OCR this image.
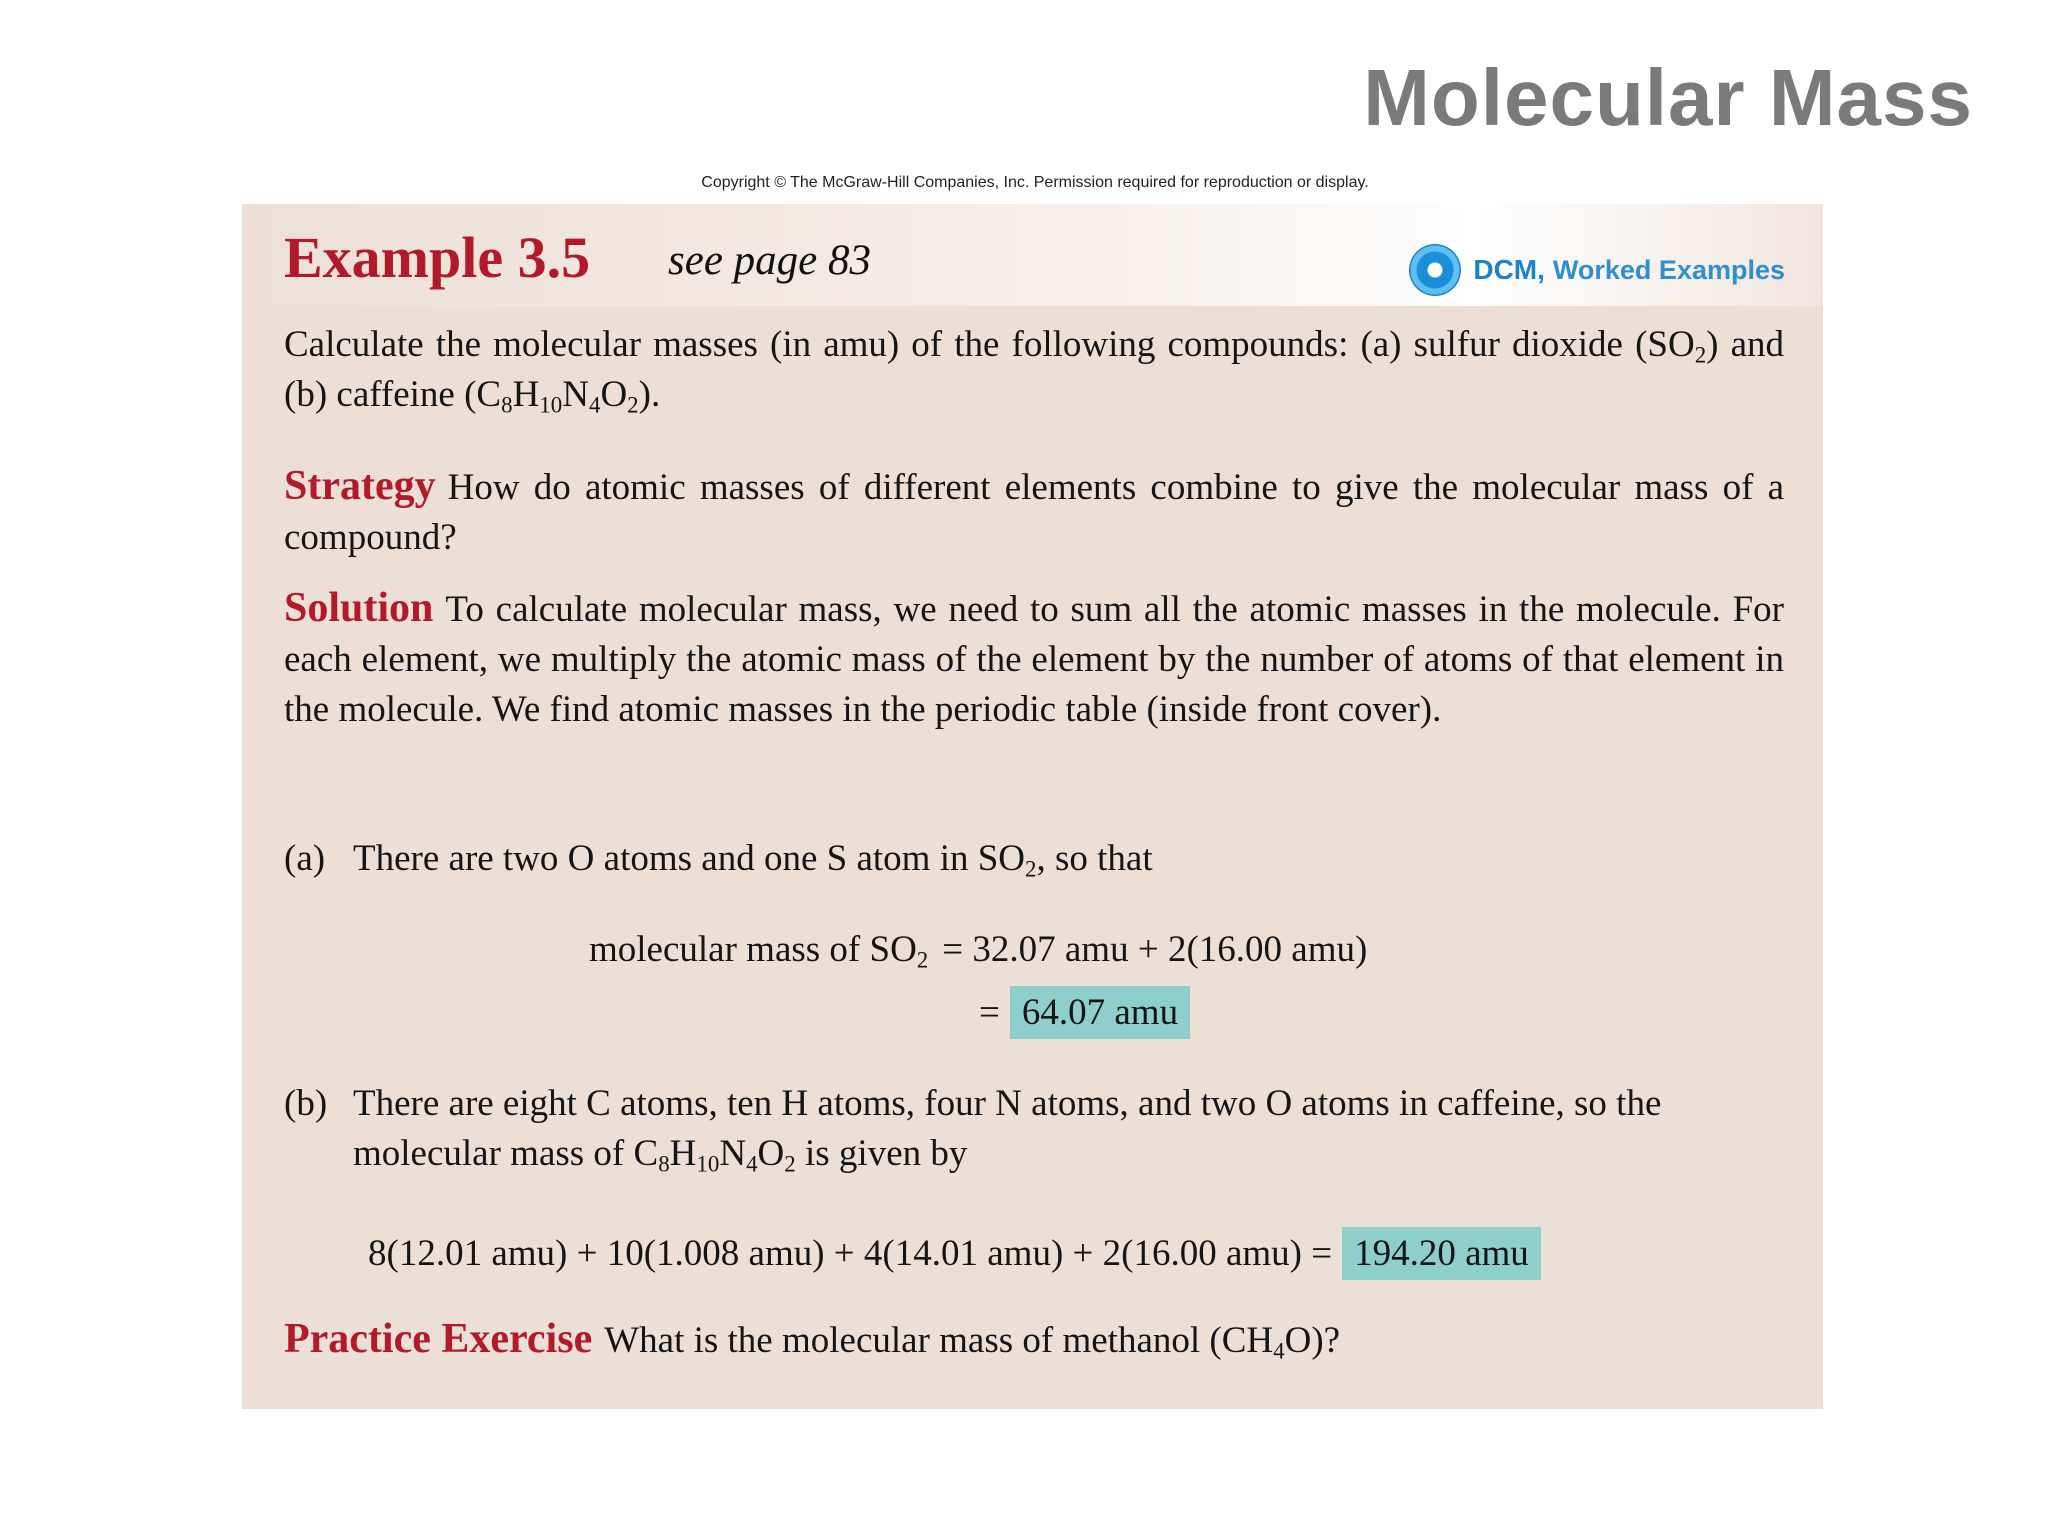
Molecular Mass
Copyright © The McGraw-Hill Companies, Inc. Permission required for reproduction or display.
Example 3.5 see page 83	DCM, Worked Examples
Calculate the molecular masses (in amu) of the following compounds: (a) sulfur dioxide $(SO_2)$ and (b) caffeine $(C_8H_{10}N_4O_2)$.
Strategy How do atomic masses of different elements combine to give the molecular mass of a compound?
Solution To calculate molecular mass, we need to sum all the atomic masses in the molecule. For each element, we multiply the atomic mass of the element by the number of atoms of that element in the molecule. We find atomic masses in the periodic table (inside front cover).
(a) There are two O atoms and one S atom in $SO_2$, so that
molecular mass of $SO_2 = 32.07$ amu + 2(16.00 amu)
= 64.07 amu
(b) There are eight C atoms, ten H atoms, four N atoms, and two O atoms in caffeine, so the molecular mass of $C_8H_{10}N_4O_2$ is given by
8(12.01 amu) + 10(1.008 amu) + 4(14.01 amu) + 2(16.00 amu) = 194.20 amu
Practice Exercise What is the molecular mass of methanol $(CH_4O)$?
